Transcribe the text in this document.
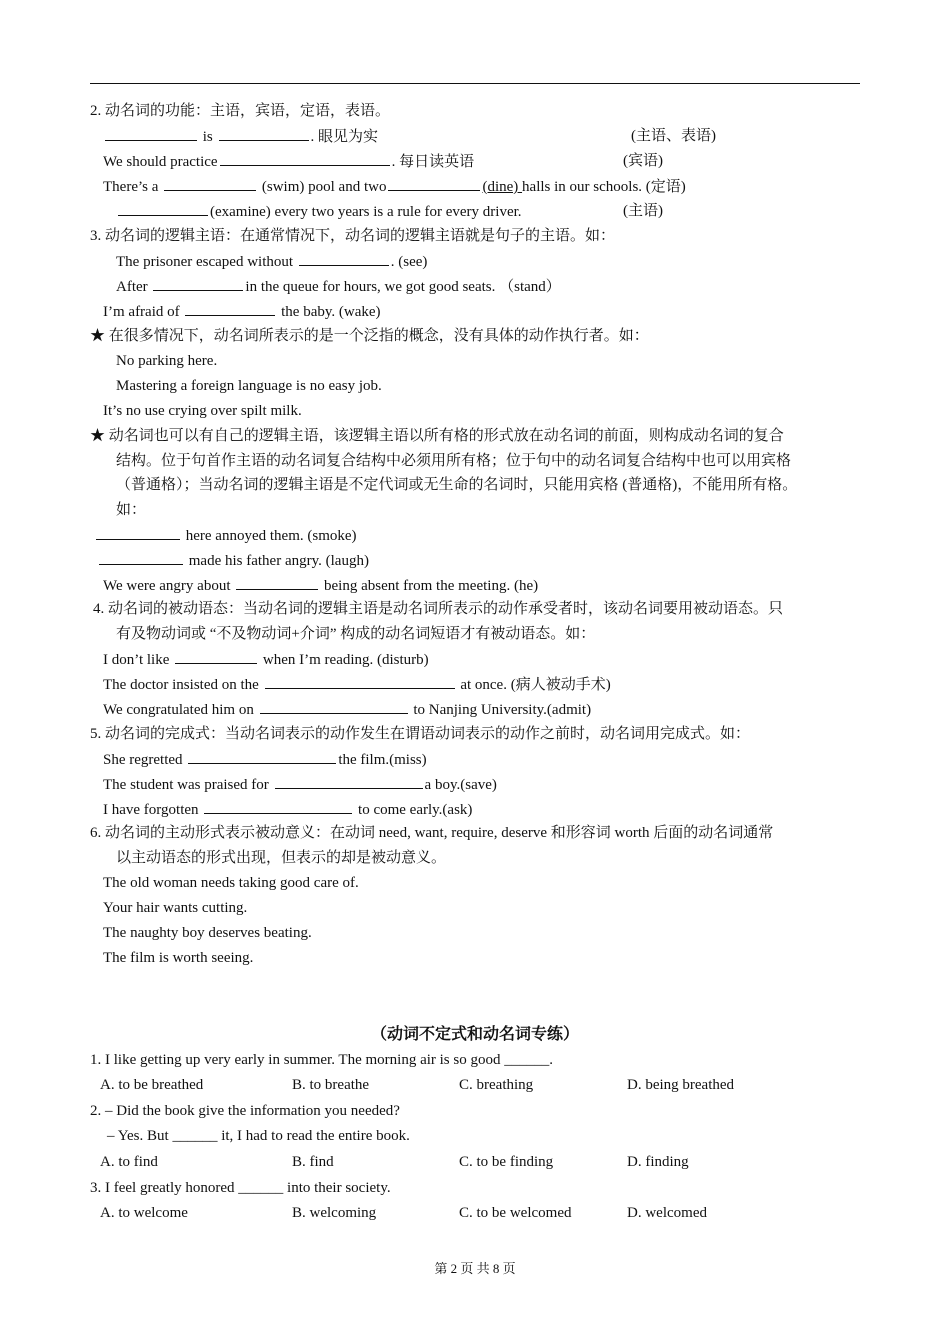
2. 动名词的功能：主语，宾语，定语，表语。
is	. 眼见为实	(主语、表语)
We should practice	. 每日读英语	(宾语)
There’s a	(swim) pool and two	(dine) halls in our schools. (定语)
(examine) every two years is a rule for every driver.	(主语)
3. 动名词的逻辑主语：在通常情况下，动名词的逻辑主语就是句子的主语。如：
The prisoner escaped without	. (see)
After	in the queue for hours, we got good seats. （stand）
I’m afraid of	the baby. (wake)
★ 在很多情况下，动名词所表示的是一个泛指的概念，没有具体的动作执行者。如：
No parking here.
Mastering a foreign language is no easy job.
It’s no use crying over spilt milk.
★ 动名词也可以有自己的逻辑主语，该逻辑主语以所有格的形式放在动名词的前面，则构成动名词的复合
结构。位于句首作主语的动名词复合结构中必须用所有格；位于句中的动名词复合结构中也可以用宾格
（普通格）；当动名词的逻辑主语是不定代词或无生命的名词时，只能用宾格 (普通格)，不能用所有格。
如：
here annoyed them. (smoke)
made his father angry. (laugh)
We were angry about	being absent from the meeting. (he)
4. 动名词的被动语态：当动名词的逻辑主语是动名词所表示的动作承受者时，该动名词要用被动语态。只
有及物动词或 “不及物动词+介词” 构成的动名词短语才有被动语态。如：
I don’t like	when I’m reading. (disturb)
The doctor insisted on the	at once. (病人被动手术)
We congratulated him on	to Nanjing University.(admit)
5. 动名词的完成式：当动名词表示的动作发生在谓语动词表示的动作之前时，动名词用完成式。如：
She regretted	the film.(miss)
The student was praised for	a boy.(save)
I have forgotten	to come early.(ask)
6. 动名词的主动形式表示被动意义：在动词 need, want, require, deserve 和形容词 worth 后面的动名词通常
以主动语态的形式出现，但表示的却是被动意义。
The old woman needs taking good care of.
Your hair wants cutting.
The naughty boy deserves beating.
The film is worth seeing.
（动词不定式和动名词专练）
1. I like getting up very early in summer. The morning air is so good ______.
A. to be breathed	B. to breathe	C. breathing	D. being breathed
2. – Did the book give the information you needed?
– Yes. But ______ it, I had to read the entire book.
A. to find	B. find	C. to be finding	D. finding
3. I feel greatly honored ______ into their society.
A. to welcome	B. welcoming	C. to be welcomed	D. welcomed
第 2 页 共 8 页
